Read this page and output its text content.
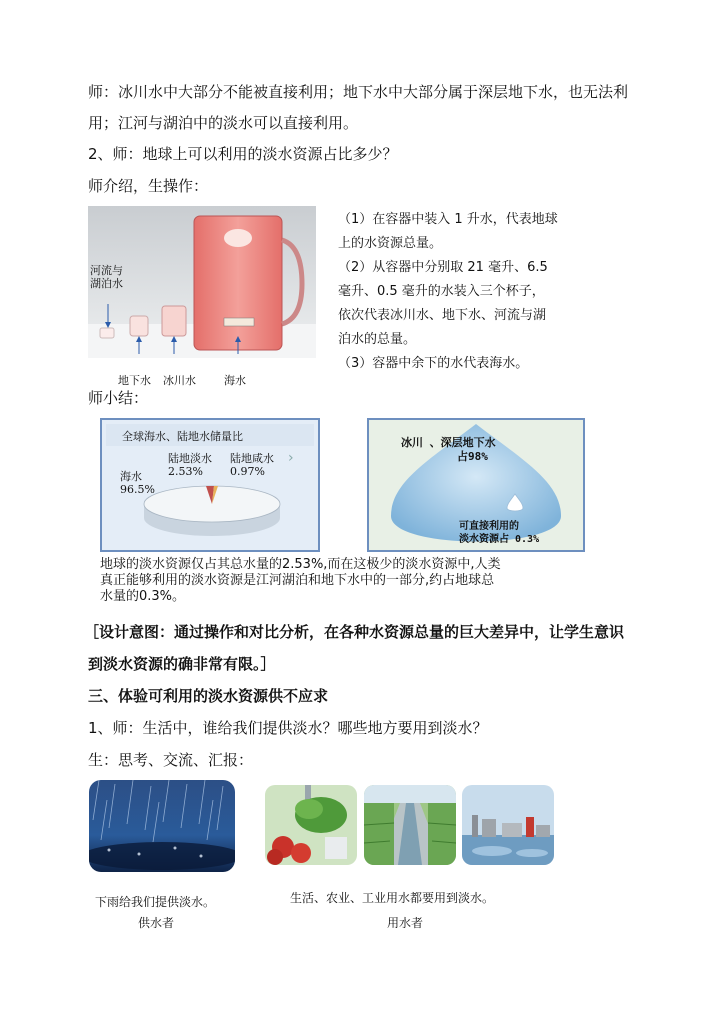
师：冰川水中大部分不能被直接利用；地下水中大部分属于深层地下水，也无法利
用；江河与湖泊中的淡水可以直接利用。
2、师：地球上可以利用的淡水资源占比多少？
师介绍，生操作：
河流与
湖泊水
地下水 冰川水	海水
（1）在容器中装入 1 升水，代表地球
上的水资源总量。
（2）从容器中分别取 21 毫升、6.5
毫升、0.5 毫升的水装入三个杯子，
依次代表冰川水、地下水、河流与湖
泊水的总量。
（3）容器中余下的水代表海水。
师小结：
全球海水、陆地水储量比
海水
96.5%
陆地淡水
2.53%
陆地咸水
0.97%
›
冰川 、深层地下水
占98%
可直接利用的
淡水资源占 0.3%
地球的淡水资源仅占其总水量的2.53%,而在这极少的淡水资源中,人类
真正能够利用的淡水资源是江河湖泊和地下水中的一部分,约占地球总
水量的0.3%。
［设计意图：通过操作和对比分析，在各种水资源总量的巨大差异中，让学生意识
到淡水资源的确非常有限。］
三、体验可利用的淡水资源供不应求
1、师：生活中，谁给我们提供淡水？哪些地方要用到淡水？
生：思考、交流、汇报：
下雨给我们提供淡水。
供水者
生活、农业、工业用水都要用到淡水。
用水者
